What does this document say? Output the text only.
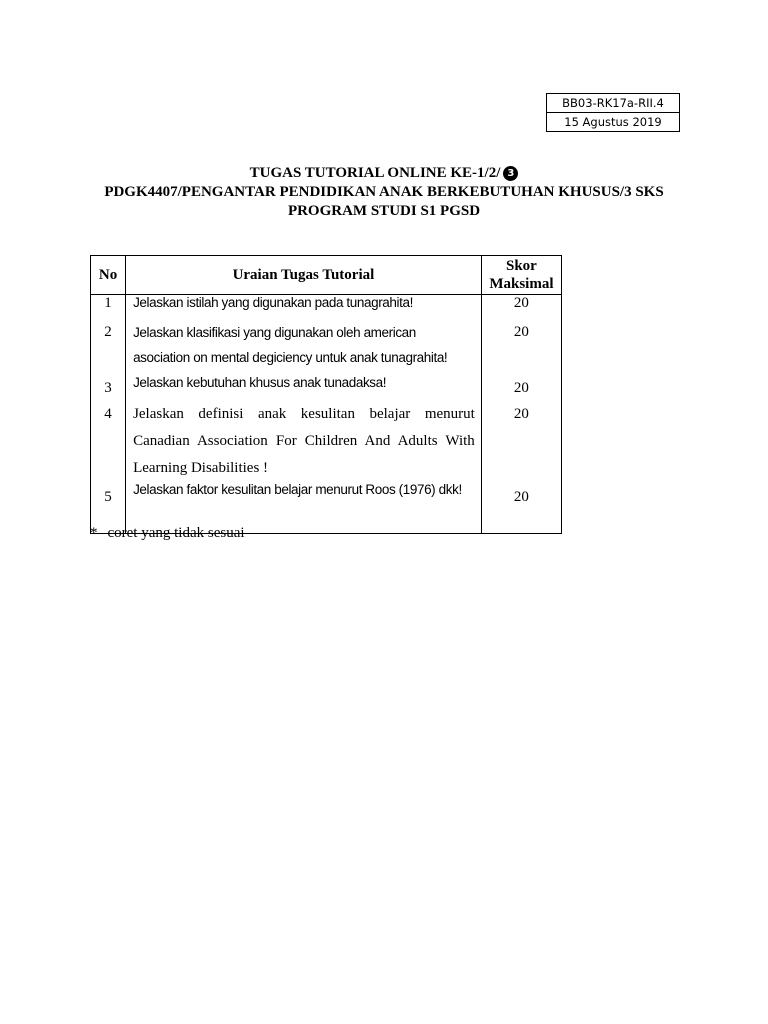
BB03-RK17a-RII.4
15 Agustus 2019
TUGAS TUTORIAL ONLINE KE-1/2/ 3
PDGK4407/PENGANTAR PENDIDIKAN ANAK BERKEBUTUHAN KHUSUS/3 SKS
PROGRAM STUDI S1 PGSD
No	Uraian Tugas Tutorial	Skor Maksimal
1	Jelaskan istilah yang digunakan pada tunagrahita!	20
2	Jelaskan klasifikasi yang digunakan oleh american asociation on mental degiciency untuk anak tunagrahita!	20
3	Jelaskan kebutuhan khusus anak tunadaksa!	20
4	Jelaskan definisi anak kesulitan belajar menurut Canadian Association For Children And Adults With Learning Disabilities !	20
5	Jelaskan faktor kesulitan belajar menurut Roos (1976) dkk!	20
* coret yang tidak sesuai
